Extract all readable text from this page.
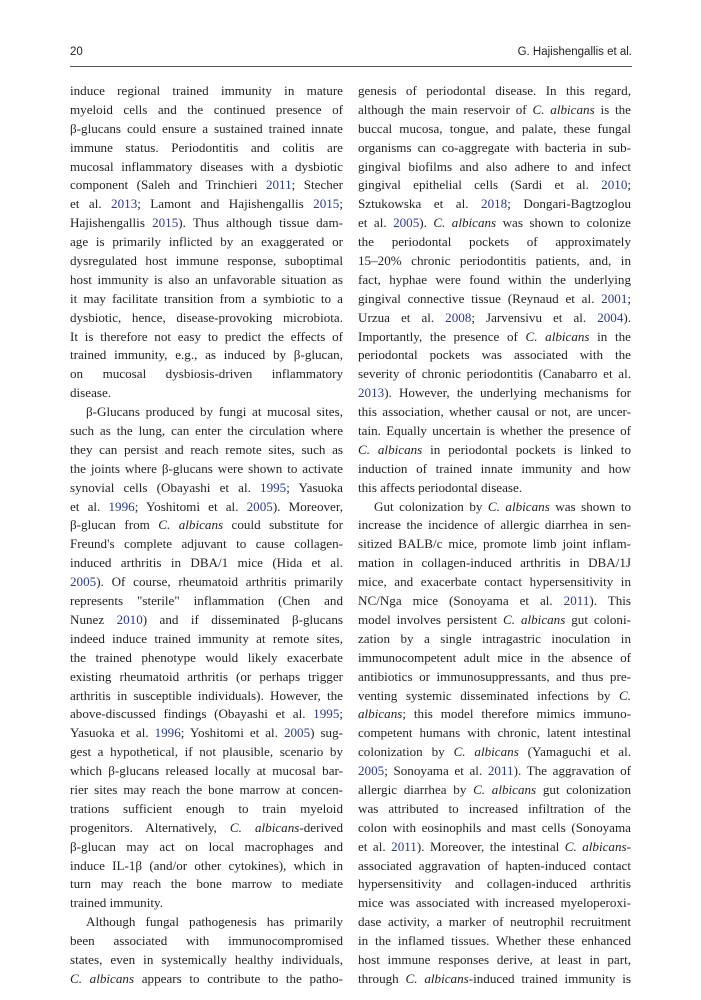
20	G. Hajishengallis et al.
induce regional trained immunity in mature
myeloid cells and the continued presence of
β-glucans could ensure a sustained trained innate
immune status. Periodontitis and colitis are
mucosal inflammatory diseases with a dysbiotic
component (Saleh and Trinchieri 2011; Stecher
et al. 2013; Lamont and Hajishengallis 2015;
Hajishengallis 2015). Thus although tissue dam-
age is primarily inflicted by an exaggerated or
dysregulated host immune response, suboptimal
host immunity is also an unfavorable situation as
it may facilitate transition from a symbiotic to a
dysbiotic, hence, disease-provoking microbiota.
It is therefore not easy to predict the effects of
trained immunity, e.g., as induced by β-glucan,
on mucosal dysbiosis-driven inflammatory
disease.
β-Glucans produced by fungi at mucosal sites,
such as the lung, can enter the circulation where
they can persist and reach remote sites, such as
the joints where β-glucans were shown to activate
synovial cells (Obayashi et al. 1995; Yasuoka
et al. 1996; Yoshitomi et al. 2005). Moreover,
β-glucan from C. albicans could substitute for
Freund's complete adjuvant to cause collagen-
induced arthritis in DBA/1 mice (Hida et al.
2005). Of course, rheumatoid arthritis primarily
represents "sterile" inflammation (Chen and
Nunez 2010) and if disseminated β-glucans
indeed induce trained immunity at remote sites,
the trained phenotype would likely exacerbate
existing rheumatoid arthritis (or perhaps trigger
arthritis in susceptible individuals). However, the
above-discussed findings (Obayashi et al. 1995;
Yasuoka et al. 1996; Yoshitomi et al. 2005) sug-
gest a hypothetical, if not plausible, scenario by
which β-glucans released locally at mucosal bar-
rier sites may reach the bone marrow at concen-
trations sufficient enough to train myeloid
progenitors. Alternatively, C. albicans-derived
β-glucan may act on local macrophages and
induce IL-1β (and/or other cytokines), which in
turn may reach the bone marrow to mediate
trained immunity.
Although fungal pathogenesis has primarily
been associated with immunocompromised
states, even in systemically healthy individuals,
C. albicans appears to contribute to the patho-
genesis of periodontal disease. In this regard,
although the main reservoir of C. albicans is the
buccal mucosa, tongue, and palate, these fungal
organisms can co-aggregate with bacteria in sub-
gingival biofilms and also adhere to and infect
gingival epithelial cells (Sardi et al. 2010;
Sztukowska et al. 2018; Dongari-Bagtzoglou
et al. 2005). C. albicans was shown to colonize
the periodontal pockets of approximately
15–20% chronic periodontitis patients, and, in
fact, hyphae were found within the underlying
gingival connective tissue (Reynaud et al. 2001;
Urzua et al. 2008; Jarvensivu et al. 2004).
Importantly, the presence of C. albicans in the
periodontal pockets was associated with the
severity of chronic periodontitis (Canabarro et al.
2013). However, the underlying mechanisms for
this association, whether causal or not, are uncer-
tain. Equally uncertain is whether the presence of
C. albicans in periodontal pockets is linked to
induction of trained innate immunity and how
this affects periodontal disease.
Gut colonization by C. albicans was shown to
increase the incidence of allergic diarrhea in sen-
sitized BALB/c mice, promote limb joint inflam-
mation in collagen-induced arthritis in DBA/1J
mice, and exacerbate contact hypersensitivity in
NC/Nga mice (Sonoyama et al. 2011). This
model involves persistent C. albicans gut coloni-
zation by a single intragastric inoculation in
immunocompetent adult mice in the absence of
antibiotics or immunosuppressants, and thus pre-
venting systemic disseminated infections by C.
albicans; this model therefore mimics immuno-
competent humans with chronic, latent intestinal
colonization by C. albicans (Yamaguchi et al.
2005; Sonoyama et al. 2011). The aggravation of
allergic diarrhea by C. albicans gut colonization
was attributed to increased infiltration of the
colon with eosinophils and mast cells (Sonoyama
et al. 2011). Moreover, the intestinal C. albicans-
associated aggravation of hapten-induced contact
hypersensitivity and collagen-induced arthritis
mice was associated with increased myeloperoxi-
dase activity, a marker of neutrophil recruitment
in the inflamed tissues. Whether these enhanced
host immune responses derive, at least in part,
through C. albicans-induced trained immunity is
